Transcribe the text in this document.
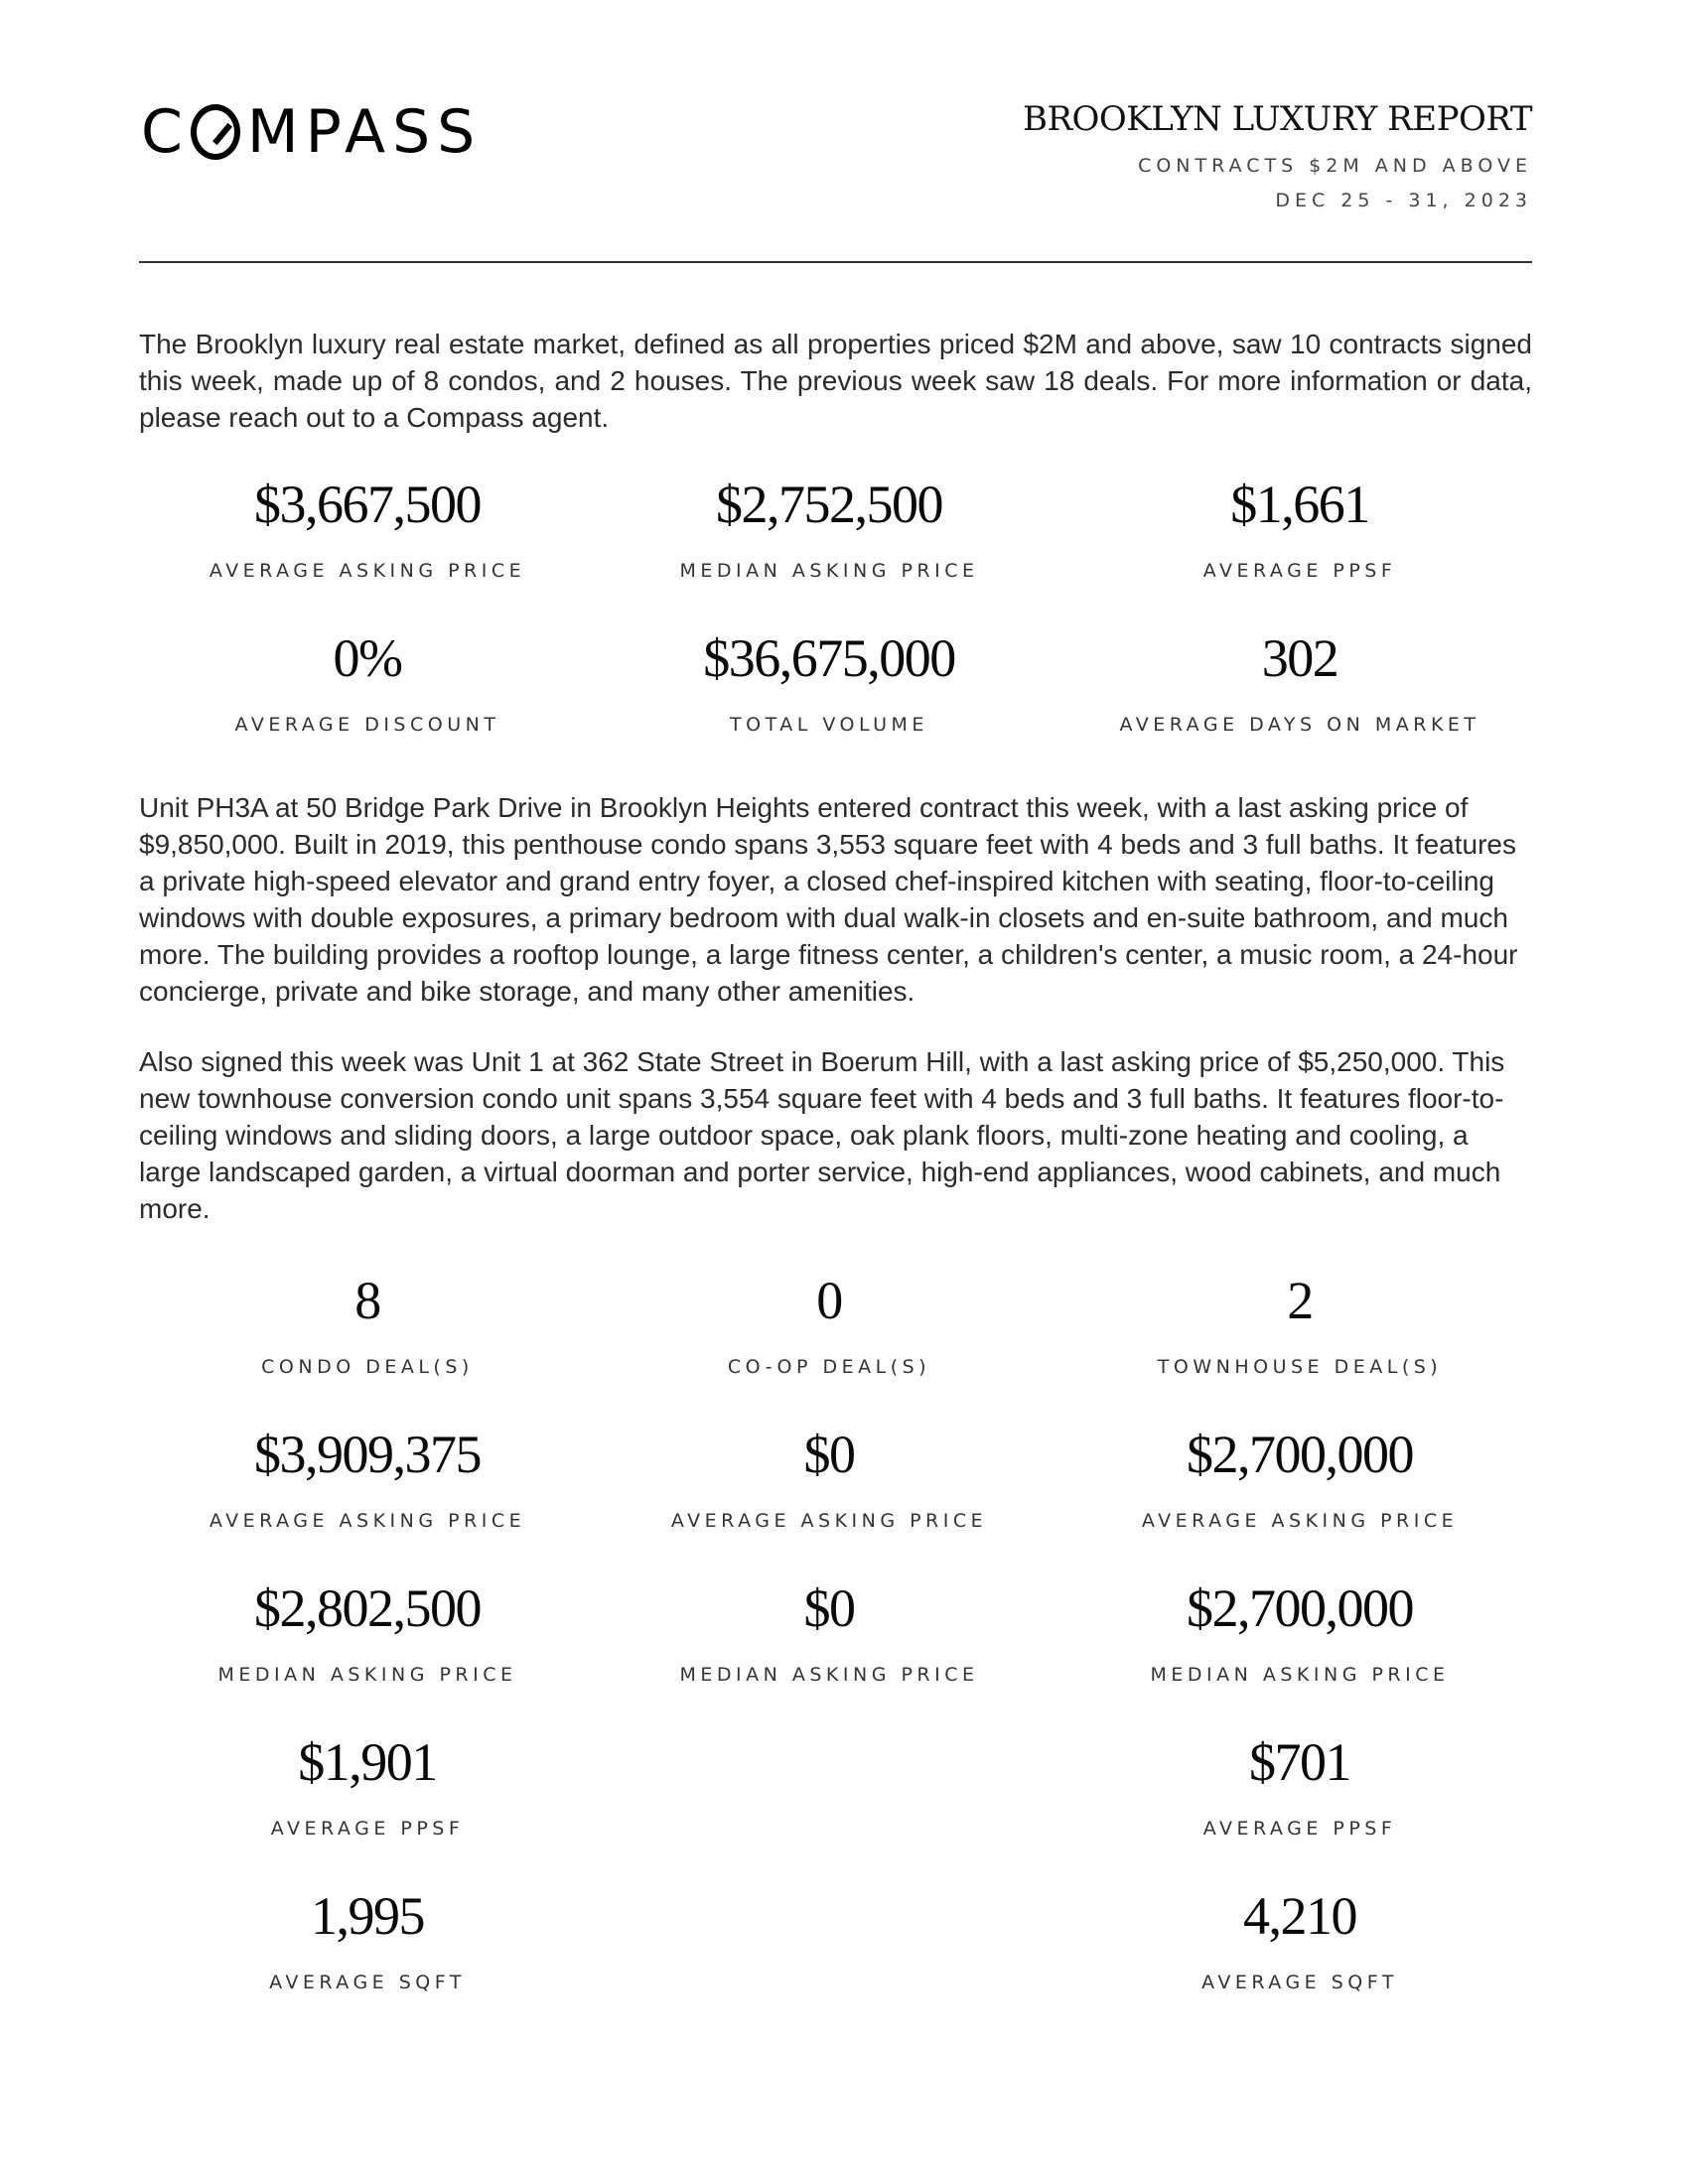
C MPASS	BROOKLYN LUXURY REPORT
CONTRACTS $2M AND ABOVE
DEC 25 - 31, 2023

The Brooklyn luxury real estate market, defined as all properties priced $2M and above, saw 10 contracts signed this week, made up of 8 condos, and 2 houses. The previous week saw 18 deals. For more information or data, please reach out to a Compass agent.

$3,667,500
AVERAGE ASKING PRICE
$2,752,500
MEDIAN ASKING PRICE
$1,661
AVERAGE PPSF
0%
AVERAGE DISCOUNT
$36,675,000
TOTAL VOLUME
302
AVERAGE DAYS ON MARKET

Unit PH3A at 50 Bridge Park Drive in Brooklyn Heights entered contract this week, with a last asking price of $9,850,000. Built in 2019, this penthouse condo spans 3,553 square feet with 4 beds and 3 full baths. It features a private high-speed elevator and grand entry foyer, a closed chef-inspired kitchen with seating, floor-to-ceiling windows with double exposures, a primary bedroom with dual walk-in closets and en-suite bathroom, and much more. The building provides a rooftop lounge, a large fitness center, a children's center, a music room, a 24-hour concierge, private and bike storage, and many other amenities.

Also signed this week was Unit 1 at 362 State Street in Boerum Hill, with a last asking price of $5,250,000. This new townhouse conversion condo unit spans 3,554 square feet with 4 beds and 3 full baths. It features floor-to-ceiling windows and sliding doors, a large outdoor space, oak plank floors, multi-zone heating and cooling, a large landscaped garden, a virtual doorman and porter service, high-end appliances, wood cabinets, and much more.

8
CONDO DEAL(S)
$3,909,375
AVERAGE ASKING PRICE
$2,802,500
MEDIAN ASKING PRICE
$1,901
AVERAGE PPSF
1,995
AVERAGE SQFT
0
CO-OP DEAL(S)
$0
AVERAGE ASKING PRICE
$0
MEDIAN ASKING PRICE
2
TOWNHOUSE DEAL(S)
$2,700,000
AVERAGE ASKING PRICE
$2,700,000
MEDIAN ASKING PRICE
$701
AVERAGE PPSF
4,210
AVERAGE SQFT
